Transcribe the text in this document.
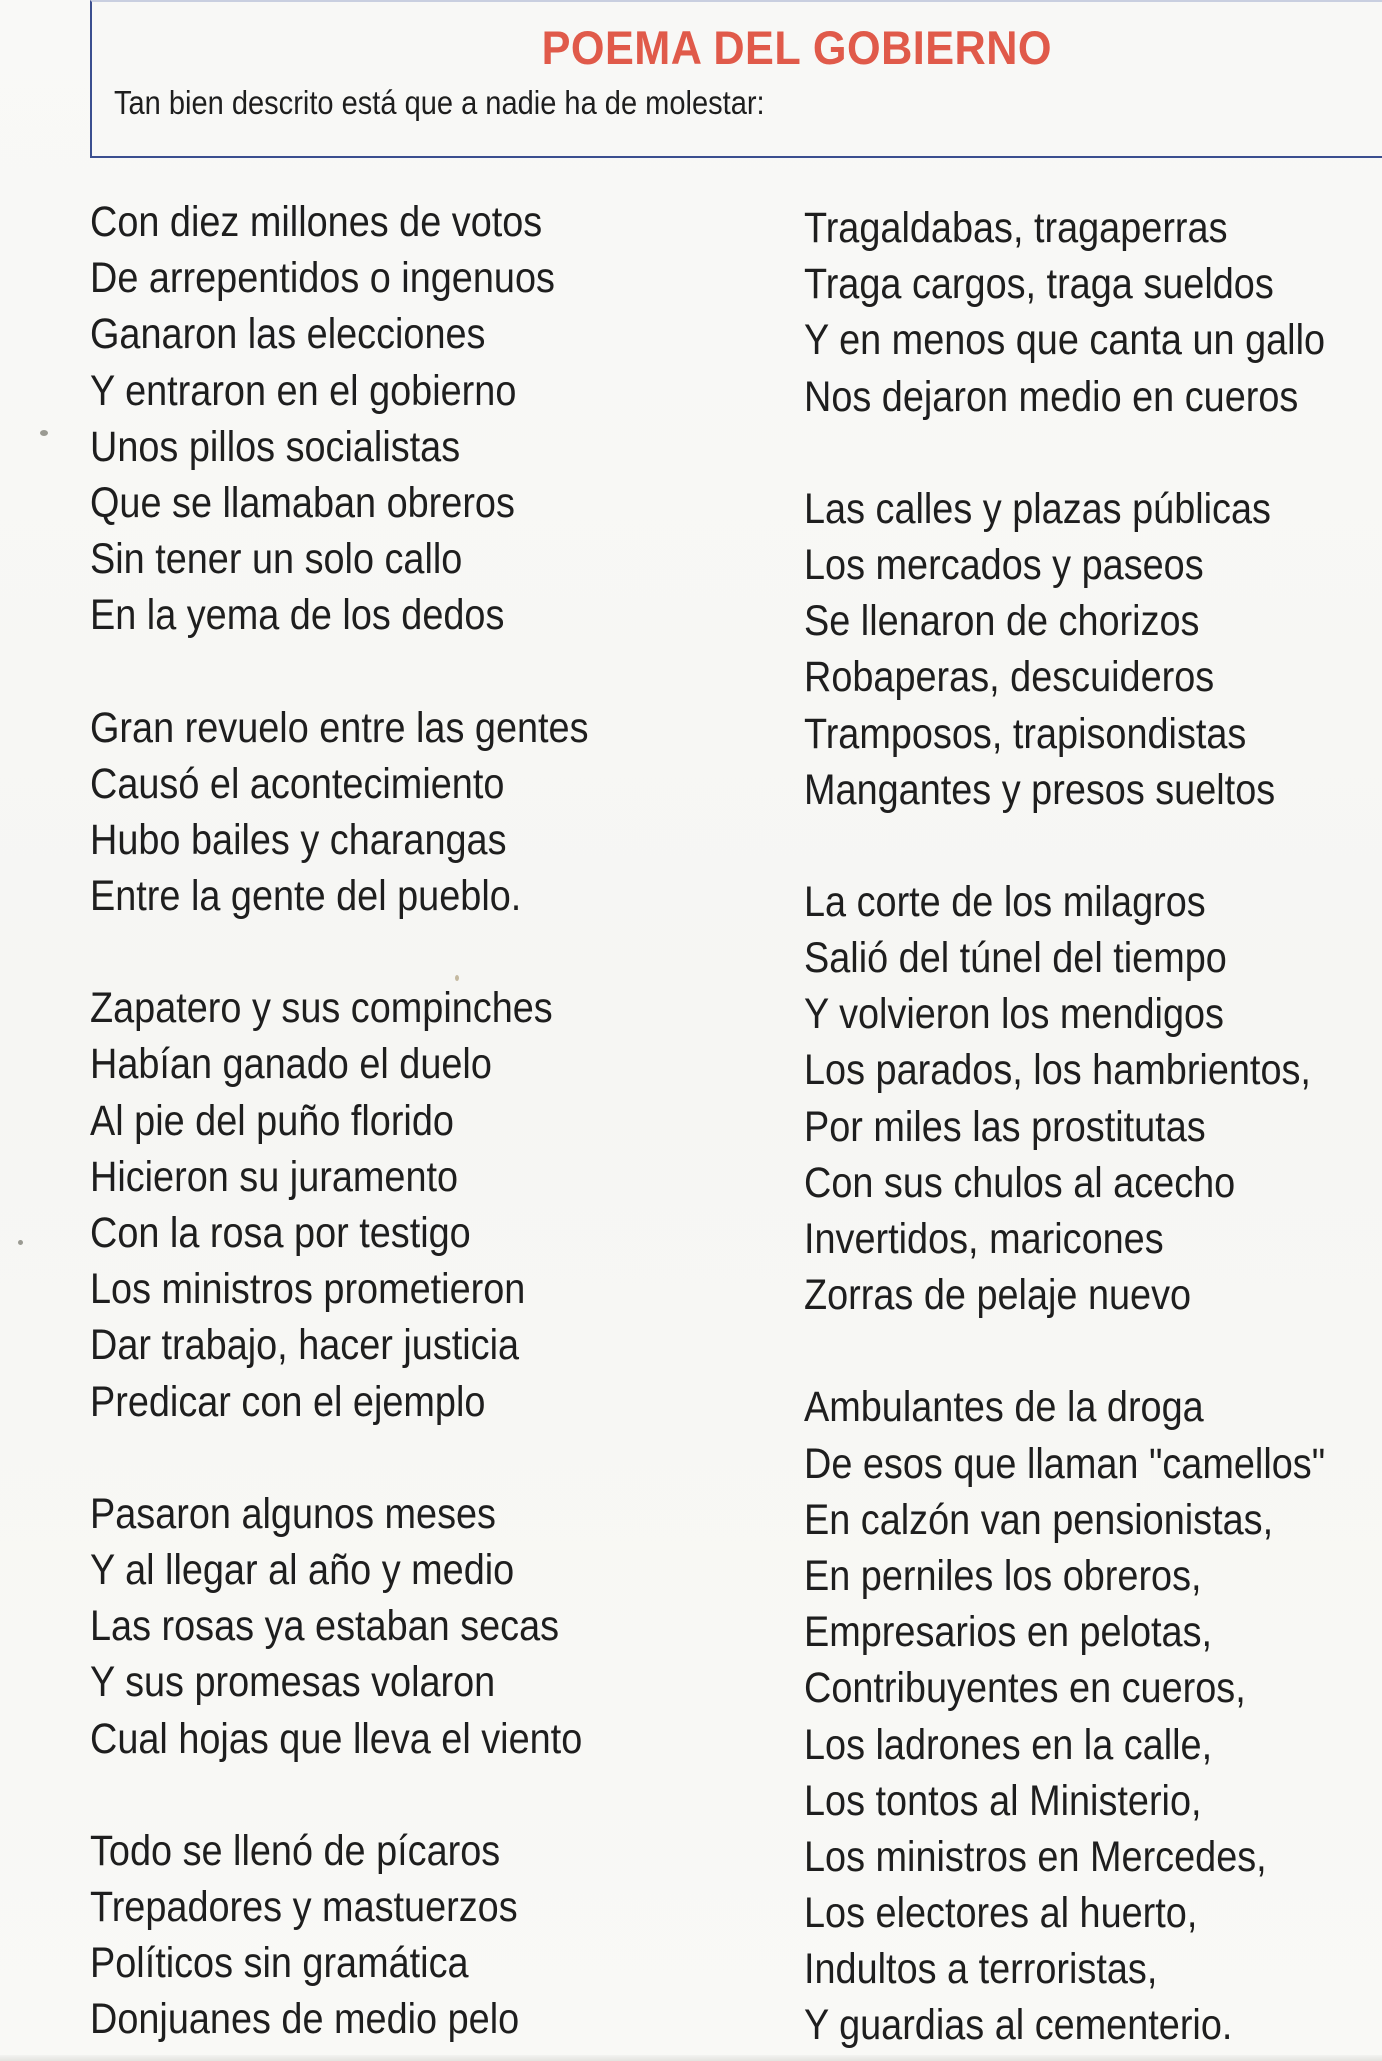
POEMA DEL GOBIERNO
Tan bien descrito está que a nadie ha de molestar:
Con diez millones de votos
De arrepentidos o ingenuos
Ganaron las elecciones
Y entraron en el gobierno
Unos pillos socialistas
Que se llamaban obreros
Sin tener un solo callo
En la yema de los dedos
Gran revuelo entre las gentes
Causó el acontecimiento
Hubo bailes y charangas
Entre la gente del pueblo.
Zapatero y sus compinches
Habían ganado el duelo
Al pie del puño florido
Hicieron su juramento
Con la rosa por testigo
Los ministros prometieron
Dar trabajo, hacer justicia
Predicar con el ejemplo
Pasaron algunos meses
Y al llegar al año y medio
Las rosas ya estaban secas
Y sus promesas volaron
Cual hojas que lleva el viento
Todo se llenó de pícaros
Trepadores y mastuerzos
Políticos sin gramática
Donjuanes de medio pelo
Tragaldabas, tragaperras
Traga cargos, traga sueldos
Y en menos que canta un gallo
Nos dejaron medio en cueros
Las calles y plazas públicas
Los mercados y paseos
Se llenaron de chorizos
Robaperas, descuideros
Tramposos, trapisondistas
Mangantes y presos sueltos
La corte de los milagros
Salió del túnel del tiempo
Y volvieron los mendigos
Los parados, los hambrientos,
Por miles las prostitutas
Con sus chulos al acecho
Invertidos, maricones
Zorras de pelaje nuevo
Ambulantes de la droga
De esos que llaman "camellos"
En calzón van pensionistas,
En perniles los obreros,
Empresarios en pelotas,
Contribuyentes en cueros,
Los ladrones en la calle,
Los tontos al Ministerio,
Los ministros en Mercedes,
Los electores al huerto,
Indultos a terroristas,
Y guardias al cementerio.
